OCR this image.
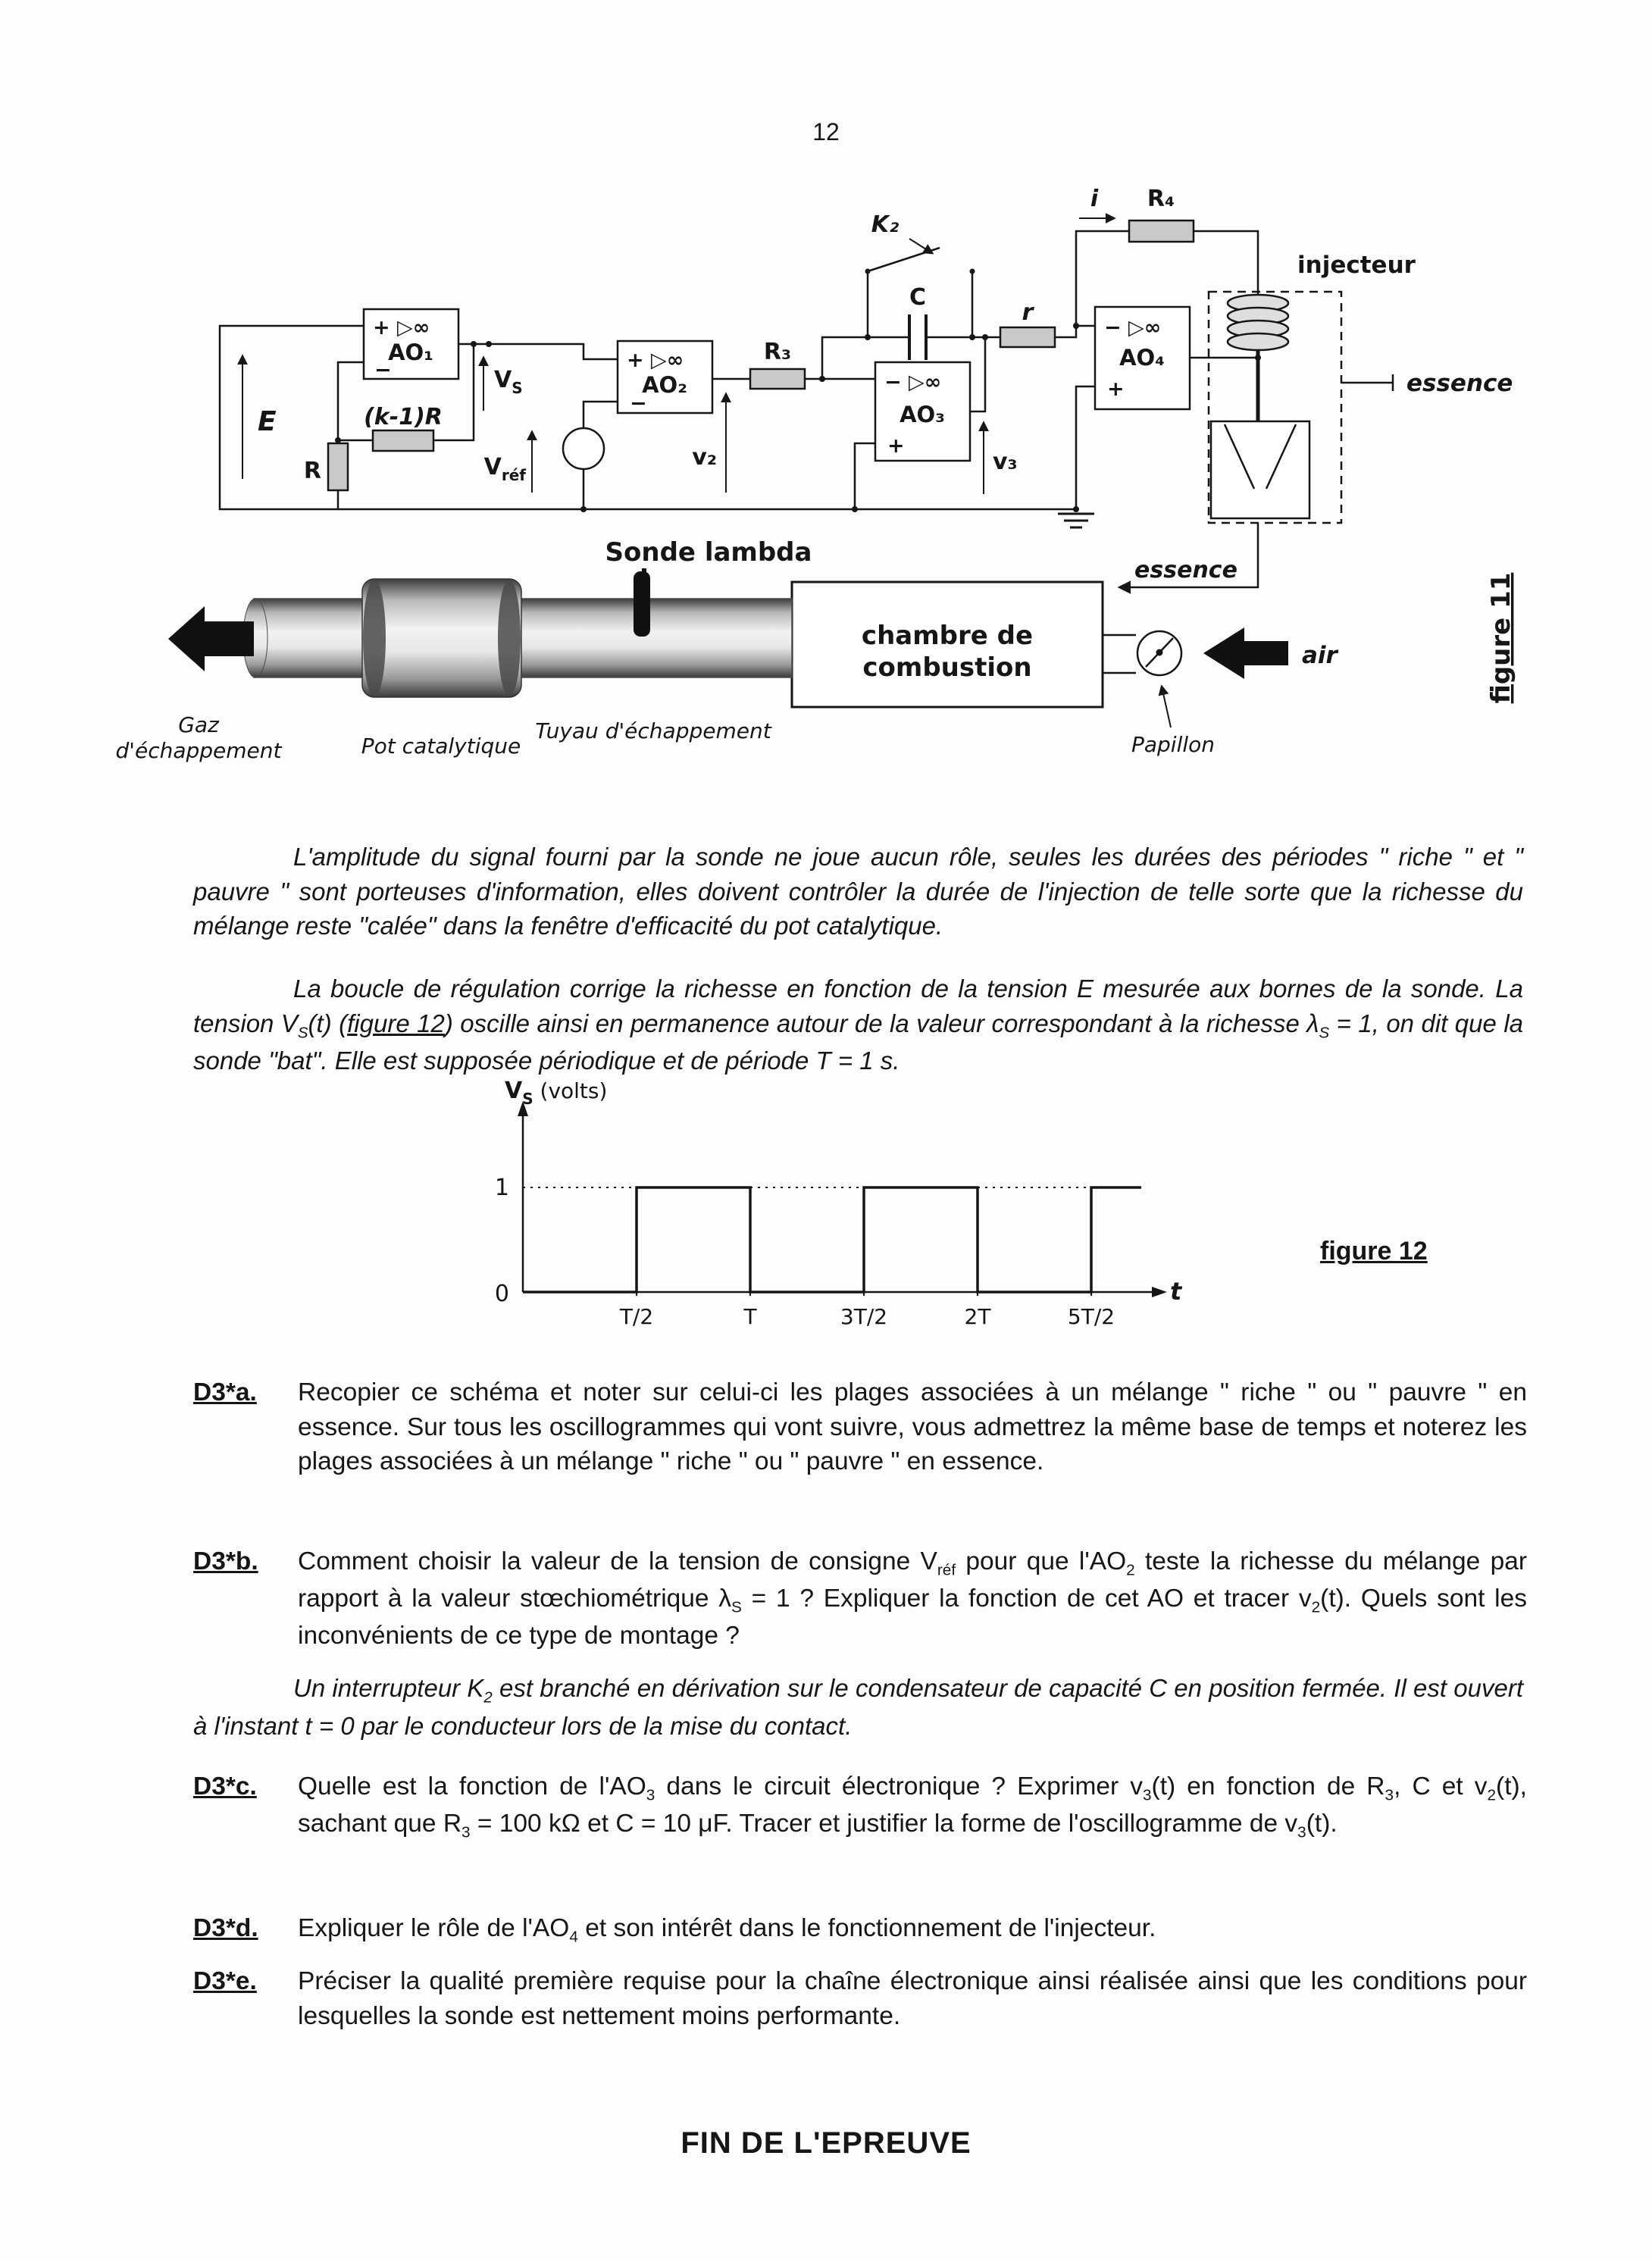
12
+ ▷∞
AO₁
−	+ ▷∞
AO₂
−
− ▷∞
AO₃
+
− ▷∞
AO₄
+
R
(k-1)R
R₃
R₄
C
r
K₂
i
E
$V_S$
$V_{réf}$
v₂	v₃
injecteur
essence
essence
chambre de
combustion
Sonde lambda
air
Papillon
Gaz
d'échappement	Pot catalytique
Tuyau d'échappement
figure 11
L'amplitude du signal fourni par la sonde ne joue aucun rôle, seules les durées des périodes " riche " et " pauvre " sont porteuses d'information, elles doivent contrôler la durée de l'injection de telle sorte que la richesse du mélange reste "calée" dans la fenêtre d'efficacité du pot catalytique.
La boucle de régulation corrige la richesse en fonction de la tension E mesurée aux bornes de la sonde. La tension $V_S(t)$ (figure 12) oscille ainsi en permanence autour de la valeur correspondant à la richesse $\lambda_S = 1$, on dit que la sonde "bat". Elle est supposée périodique et de période T = 1 s.
$V_S$ (volts)
1
0	t
T/2	T	3T/2	2T	5T/2
figure 12
D3*a.	Recopier ce schéma et noter sur celui-ci les plages associées à un mélange " riche " ou " pauvre " en essence. Sur tous les oscillogrammes qui vont suivre, vous admettrez la même base de temps et noterez les plages associées à un mélange " riche " ou " pauvre " en essence.
D3*b.	Comment choisir la valeur de la tension de consigne $V_{réf}$ pour que $l'AO_2$ teste la richesse du mélange par rapport à la valeur stœchiométrique $\lambda_S = 1$ ? Expliquer la fonction de cet AO et tracer $v_2(t)$. Quels sont les inconvénients de ce type de montage ?
Un interrupteur $K_2$ est branché en dérivation sur le condensateur de capacité C en position fermée. Il est ouvert à l'instant t = 0 par le conducteur lors de la mise du contact.
D3*c.	Quelle est la fonction de $l'AO_3$ dans le circuit électronique ? Exprimer $v_3(t)$ en fonction de $R_3$, C et $v_2(t)$, sachant que $R_3 = 100$ kΩ et C = 10 μF. Tracer et justifier la forme de l'oscillogramme de $v_3(t)$.
D3*d.	Expliquer le rôle de $l'AO_4$ et son intérêt dans le fonctionnement de l'injecteur.
D3*e.	Préciser la qualité première requise pour la chaîne électronique ainsi réalisée ainsi que les conditions pour lesquelles la sonde est nettement moins performante.
FIN DE L'EPREUVE
